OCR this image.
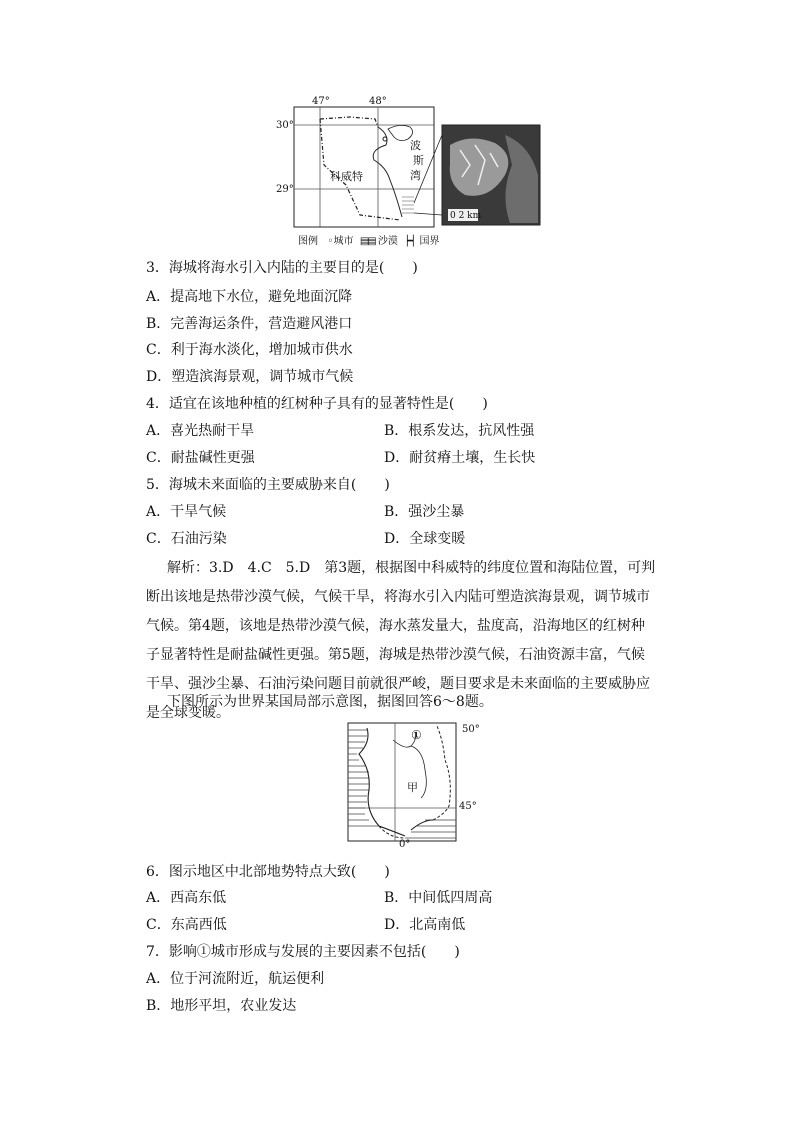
47°	48°
30°
29°
科威特
波
斯
湾
0 2 km
图例 ◦城市 ▤▤ 沙漠 ┝┥ 国界
3．海城将海水引入内陆的主要目的是(　　)
A．提高地下水位，避免地面沉降
B．完善海运条件，营造避风港口
C．利于海水淡化，增加城市供水
D．塑造滨海景观，调节城市气候
4．适宜在该地种植的红树种子具有的显著特性是(　　)
A．喜光热耐干旱	B．根系发达，抗风性强
C．耐盐碱性更强	D．耐贫瘠土壤，生长快
5．海城未来面临的主要威胁来自(　　)
A．干旱气候	B．强沙尘暴
C．石油污染	D．全球变暖
解析：3.D　4.C　5.D　第3题，根据图中科威特的纬度位置和海陆位置，可判断出该地是热带沙漠气候，气候干旱，将海水引入内陆可塑造滨海景观，调节城市气候。第4题，该地是热带沙漠气候，海水蒸发量大，盐度高，沿海地区的红树种子显著特性是耐盐碱性更强。第5题，海城是热带沙漠气候，石油资源丰富，气候干旱、强沙尘暴、石油污染问题目前就很严峻，题目要求是未来面临的主要威胁应是全球变暖。
下图所示为世界某国局部示意图，据图回答6～8题。
①	50°
45°
0°
甲
6．图示地区中北部地势特点大致(　　)
A．西高东低	B．中间低四周高
C．东高西低	D．北高南低
7．影响①城市形成与发展的主要因素不包括(　　)
A．位于河流附近，航运便利
B．地形平坦，农业发达
